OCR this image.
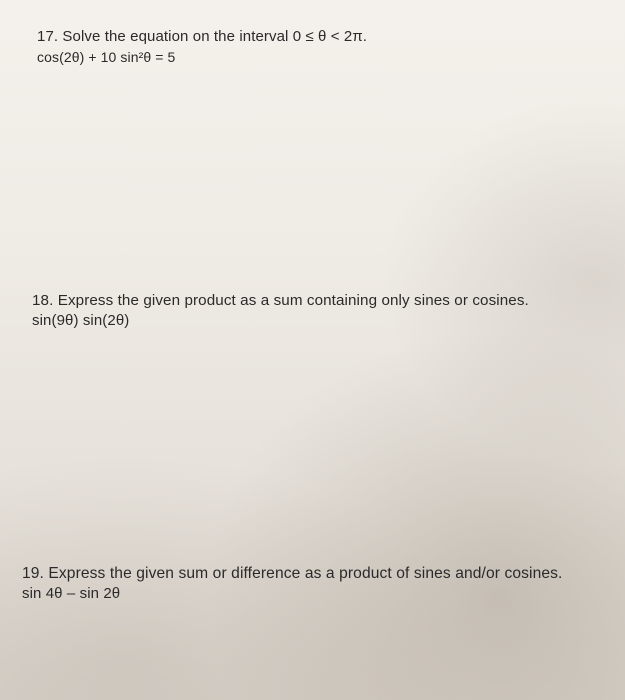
17. Solve the equation on the interval 0 ≤ θ < 2π.
cos(2θ) + 10 sin²θ = 5
18. Express the given product as a sum containing only sines or cosines.
sin(9θ) sin(2θ)
19. Express the given sum or difference as a product of sines and/or cosines.
sin 4θ – sin 2θ
